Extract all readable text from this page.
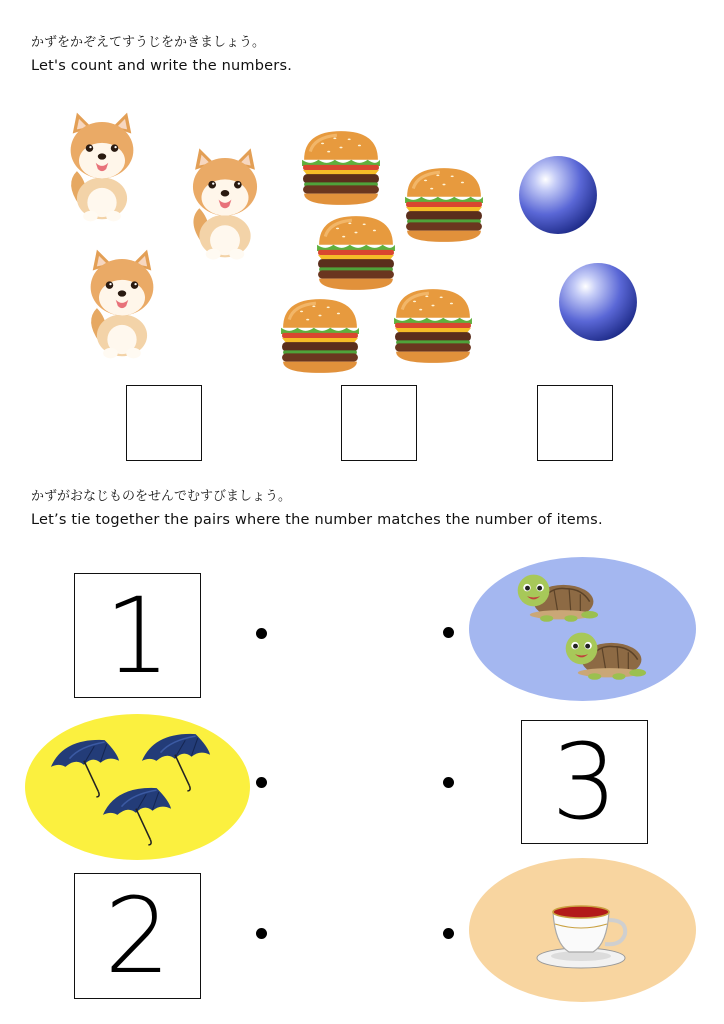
かずをかぞえてすうじをかきましょう。
Let's count and write the numbers.
かずがおなじものをせんでむすびましょう。
Let’s tie together the pairs where the number matches the number of items.
1
2
3
